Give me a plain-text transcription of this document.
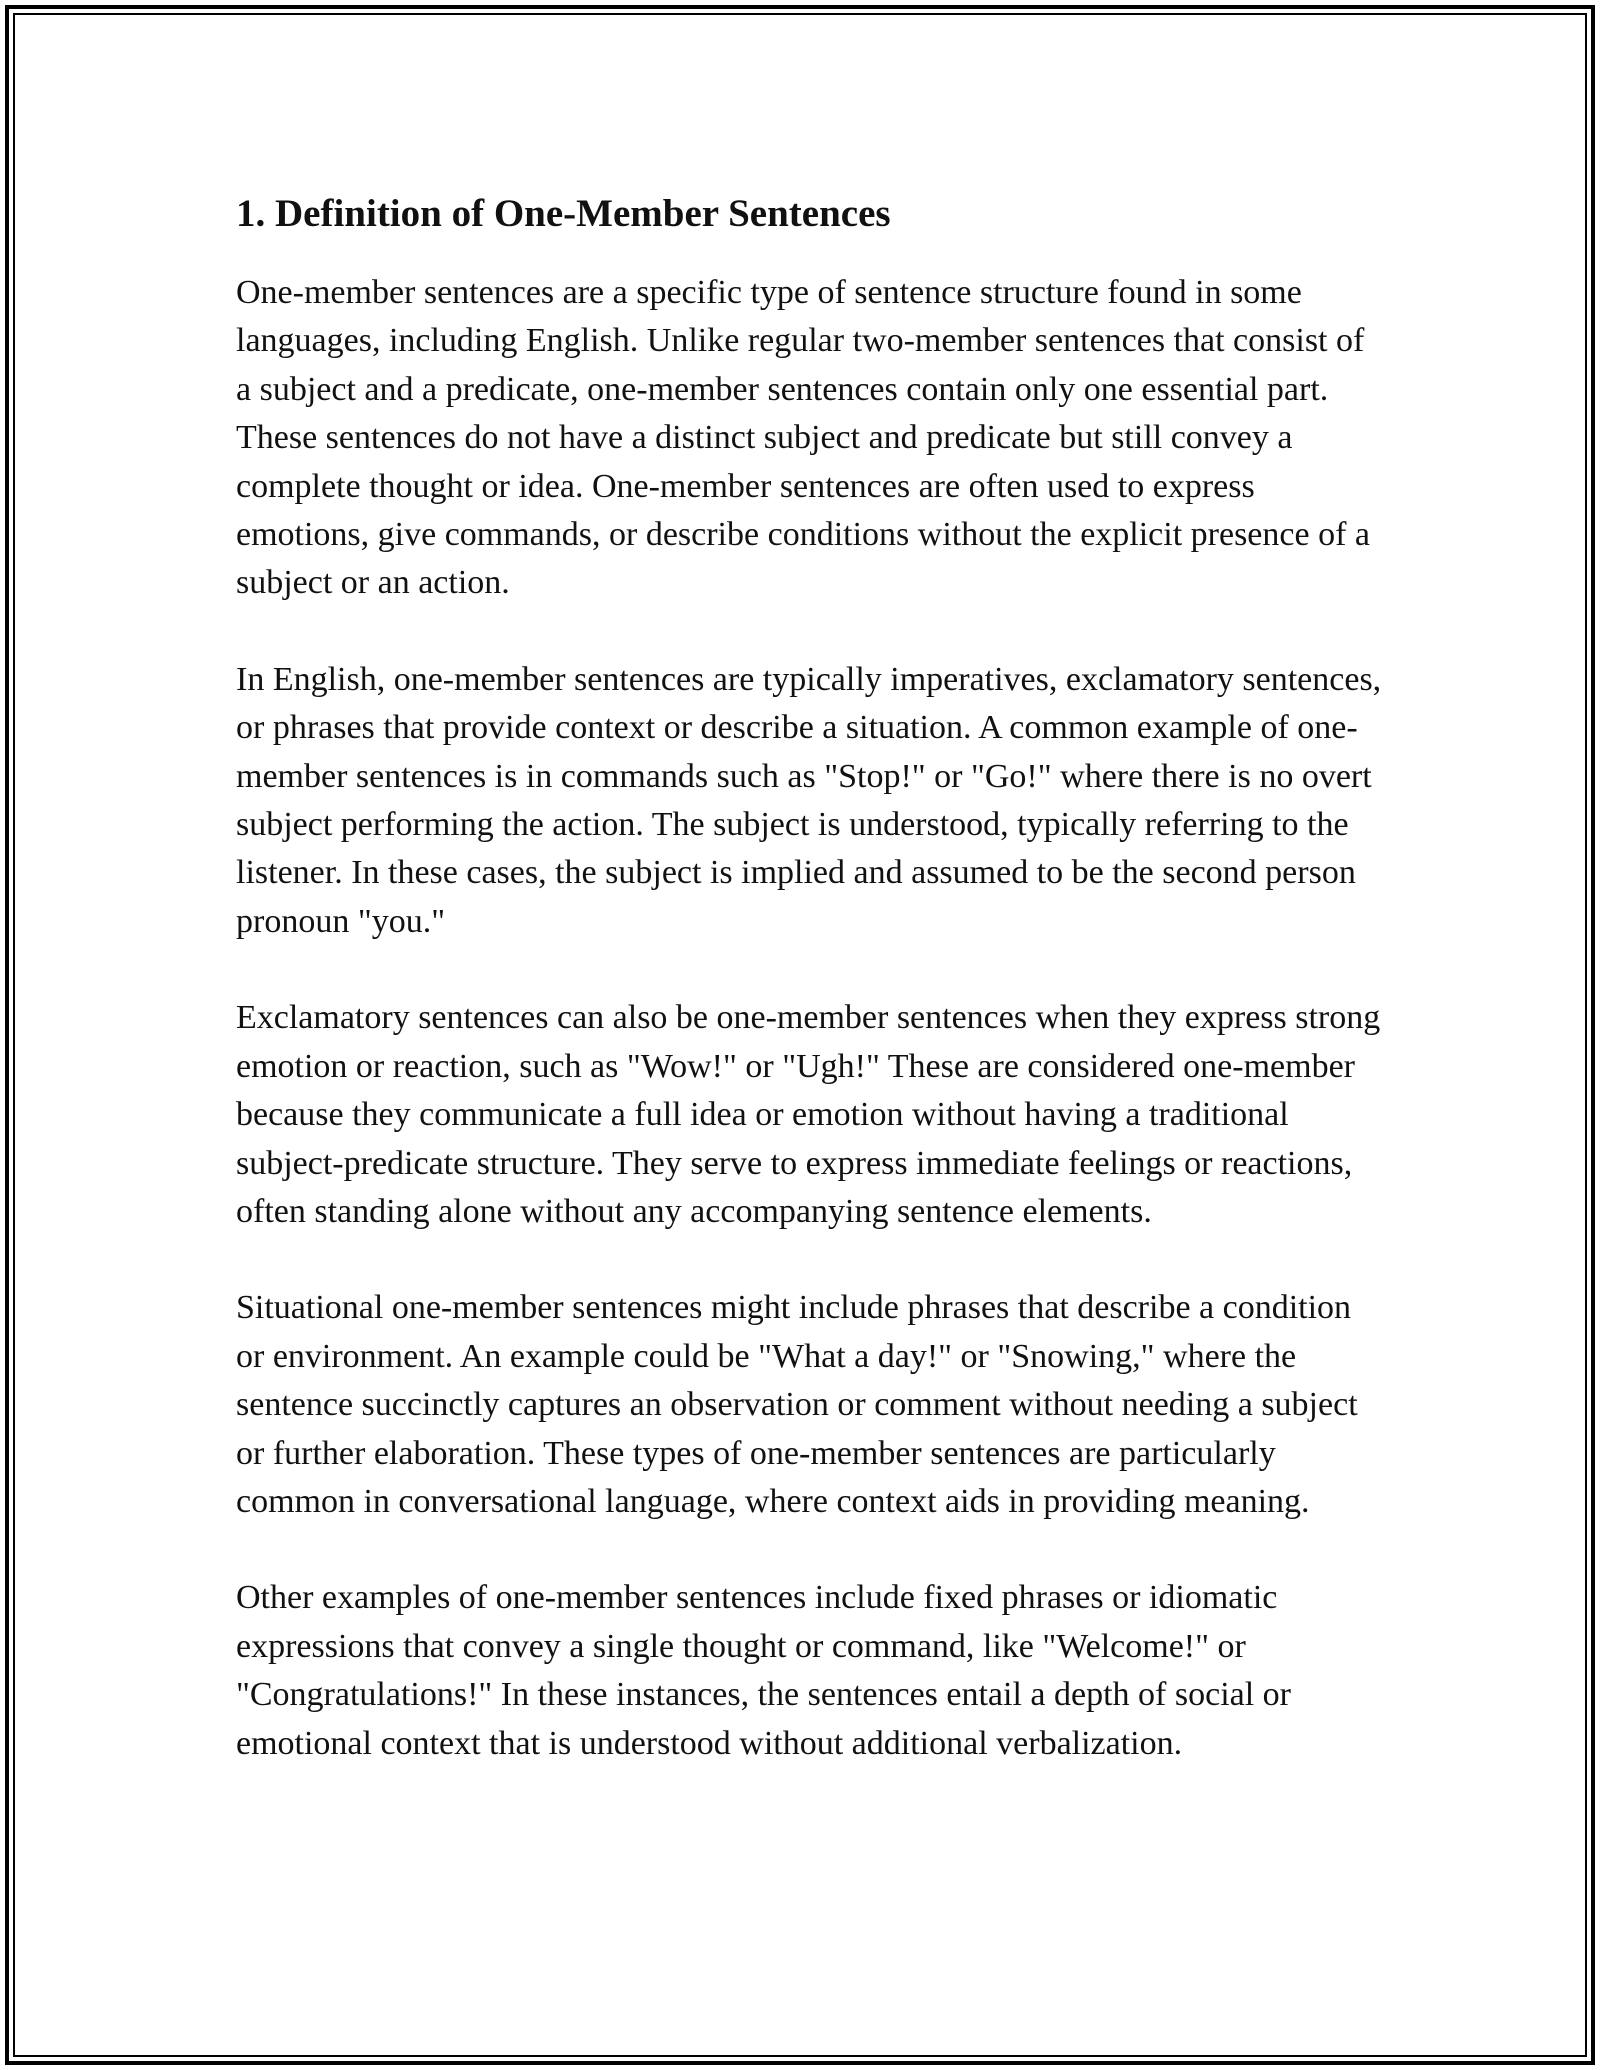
1. Definition of One-Member Sentences

One-member sentences are a specific type of sentence structure found in some languages, including English. Unlike regular two-member sentences that consist of a subject and a predicate, one-member sentences contain only one essential part. These sentences do not have a distinct subject and predicate but still convey a complete thought or idea. One-member sentences are often used to express emotions, give commands, or describe conditions without the explicit presence of a subject or an action.

In English, one-member sentences are typically imperatives, exclamatory sentences, or phrases that provide context or describe a situation. A common example of one-member sentences is in commands such as "Stop!" or "Go!" where there is no overt subject performing the action. The subject is understood, typically referring to the listener. In these cases, the subject is implied and assumed to be the second person pronoun "you."

Exclamatory sentences can also be one-member sentences when they express strong emotion or reaction, such as "Wow!" or "Ugh!" These are considered one-member because they communicate a full idea or emotion without having a traditional subject-predicate structure. They serve to express immediate feelings or reactions, often standing alone without any accompanying sentence elements.

Situational one-member sentences might include phrases that describe a condition or environment. An example could be "What a day!" or "Snowing," where the sentence succinctly captures an observation or comment without needing a subject or further elaboration. These types of one-member sentences are particularly common in conversational language, where context aids in providing meaning.

Other examples of one-member sentences include fixed phrases or idiomatic expressions that convey a single thought or command, like "Welcome!" or "Congratulations!" In these instances, the sentences entail a depth of social or emotional context that is understood without additional verbalization.
